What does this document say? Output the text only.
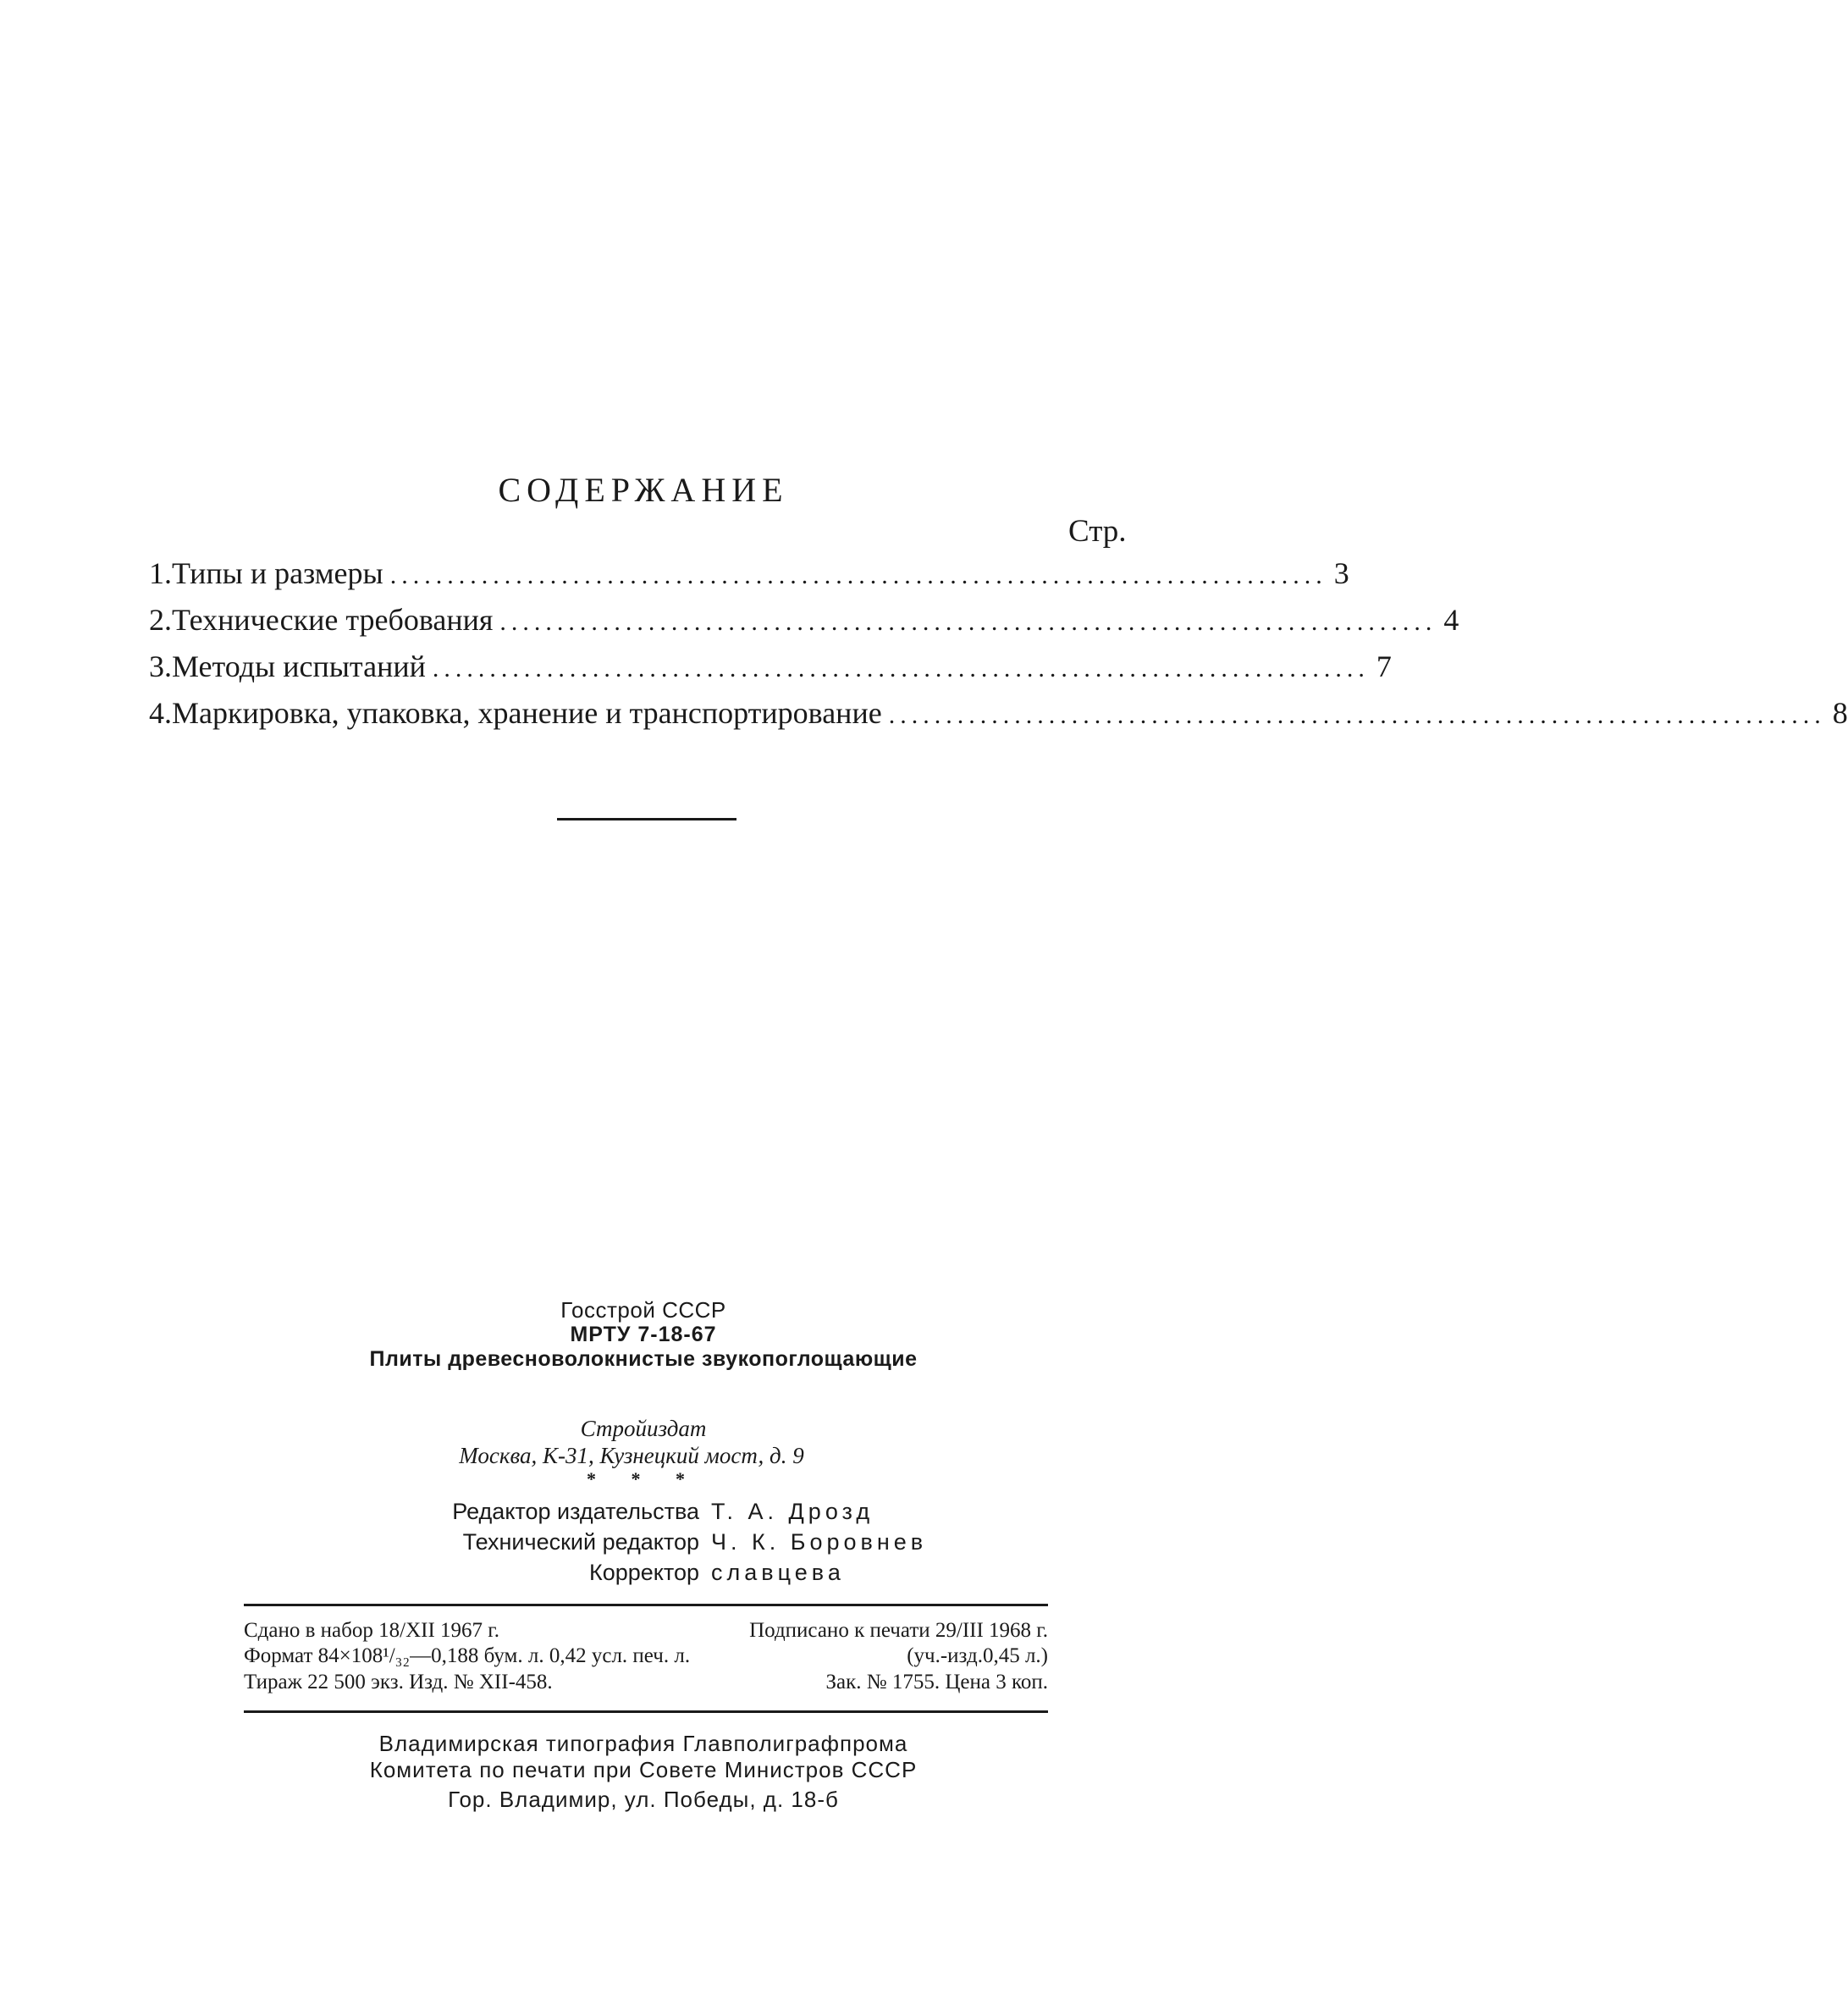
СОДЕРЖАНИЕ
Стр.
1. Типы и размеры .................................................................................. 3
2. Технические требования .................................................................................. 4
3. Методы испытаний .................................................................................. 7
4. Маркировка, упаковка, хранение и транспортирование .................................................................................. 8
Госстрой СССР
МРТУ 7-18-67
Плиты древесноволокнистые звукопоглощающие
Стройиздат
Москва, К-31, Кузнецкий мост, д. 9
* * *
Редактор издательства Т. А. Дрозд
Технический редактор Ч. К. Боровнев
Корректор славцева
Сдано в набор 18/XII 1967 г.	Подписано к печати 29/III 1968 г.
Формат 84×108¹/₃₂—0,188 бум. л. 0,42 усл. печ. л.	(уч.-изд.0,45 л.)
Тираж 22 500 экз. Изд. № XII-458.	Зак. № 1755. Цена 3 коп.
Владимирская типография Главполиграфпрома
Комитета по печати при Совете Министров СССР
Гор. Владимир, ул. Победы, д. 18-б
